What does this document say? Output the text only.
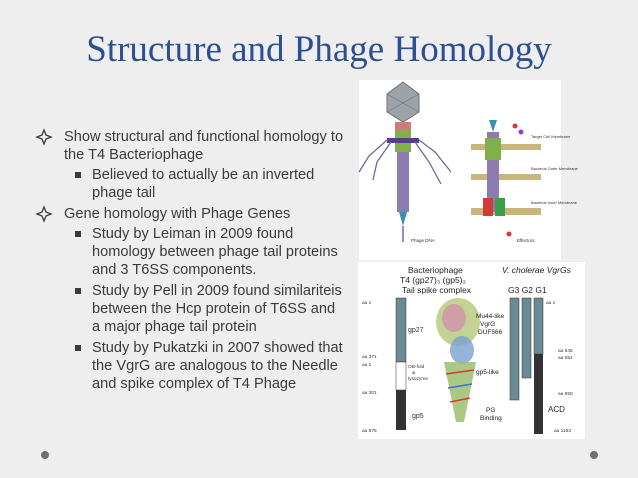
Structure and Phage Homology
Show structural and functional homology to the T4 Bacteriophage
Believed to actually be an inverted phage tail
Gene homology with Phage Genes
Study by Leiman in 2009 found homology between phage tail proteins and 3 T6SS components.
Study by Pell in 2009 found similariteis between the Hcp protein of T6SS and a major phage tail protein
Study by Pukatzki in 2007 showed that the VgrG are analogous to the Needle and spike complex of T4 Phage
Target Cell Membrane
Bacterial Outer Membrane
Bacterial Inner Membrane
Phage DNA	Effectors
Bacteriophage
T4 (gp27)₃ (gp5)₃
Tail spike complex
V. cholerae VgrGs
G3 G2 G1
aa 1
gp27
aa 371
aa 1	OB-fold
&
lysozyme
aa 301
gp5
aa 575
Mu44-like
VgrG
DUF566
gp5-like
PG
Binding
aa 1
aa 545
aa 554
aa 650
ACD
aa 1163
